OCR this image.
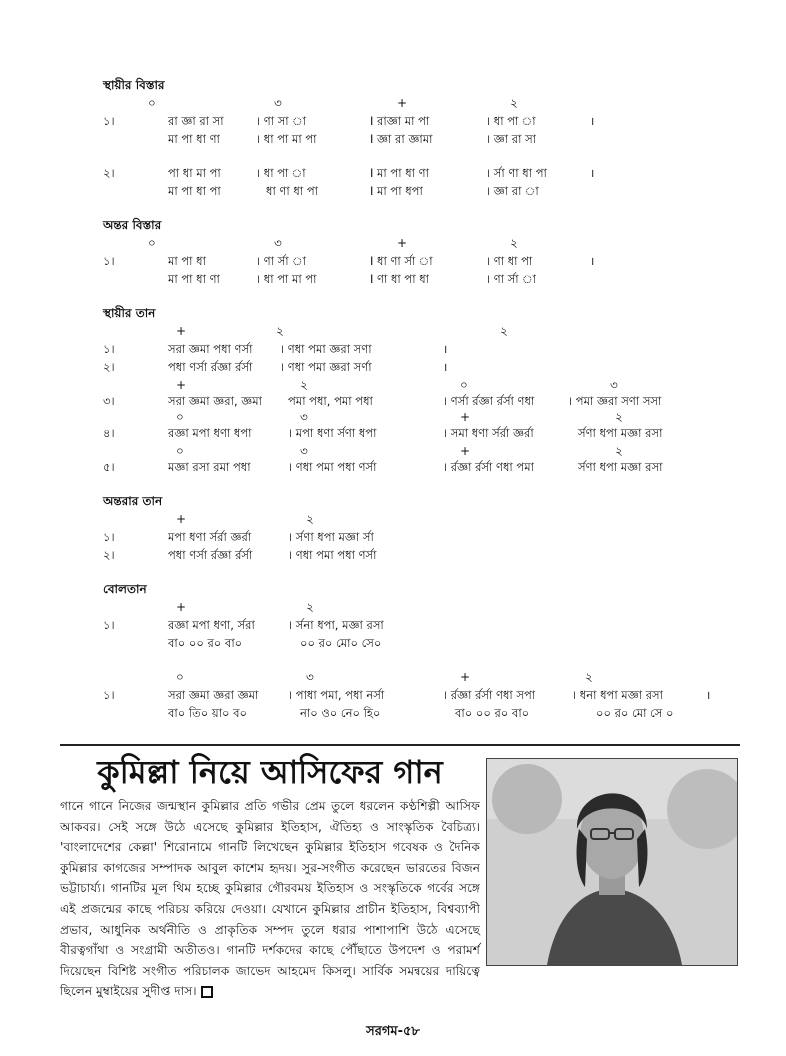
স্থায়ীর বিস্তার
০	৩	+	২
১।	রা জ্ঞা রা সা	। ণা সা া	I রাজ্ঞা মা পা	। ধা পা া	।
মা পা ধা ণা	। ধা পা মা পা	I জ্ঞা রা জ্ঞামা	। জ্ঞা রা সা
২।	পা ধা মা পা	। ধা পা া	I মা পা ধা ণা	। র্সা ণা ধা পা	।
মা পা ধা পা	ধা ণা ধা পা	I মা পা ধপা	। জ্ঞা রা া
অন্তর বিস্তার
০	৩	+	২
১।	মা পা ধা	। ণা র্সা া	I ধা ণা র্সা া	। ণা ধা পা	।
মা পা ধা ণা	। ধা পা মা পা	I ণা ধা পা ধা	। ণা র্সা া
স্থায়ীর তান
+	২	২
১।	সরা জ্ঞমা পধা ণর্সা । ণধা পমা জ্ঞরা সণা	।
২।	পধা ণর্সা র্রজ্ঞা র্রর্সা । ণধা পমা জ্ঞরা সর্ণা	।
+	২	০	৩
৩।	সরা জ্ঞমা জ্ঞরা, জ্ঞমা পমা পধা, পমা পধা	। ণর্সা র্রজ্ঞা র্রর্সা ণধা	। পমা জ্ঞরা সণা সসা
০	৩	+	২
৪।	রজ্ঞা মপা ধণা ধপা	। মপা ধণা র্সণা ধপা	। সমা ধণা র্সর্রা জ্ঞর্রা	র্সণা ধপা মজ্ঞা রসা
০	৩	+	২
৫।	মজ্ঞা রসা রমা পধা	। ণধা পমা পধা ণর্সা	। র্রজ্ঞা র্রর্সা ণধা পমা	র্সণা ধপা মজ্ঞা রসা
অন্তরার তান
+	২
১।	মপা ধণা র্সর্রা জ্ঞর্রা	। র্সণা ধপা মজ্ঞা র্সা
২।	পধা ণর্সা র্রজ্ঞা র্রর্সা	। ণধা পমা পধা ণর্সা
বোলতান
+	২
১।	রজ্ঞা মপা ধণা, র্সরা	। র্সনা ধপা, মজ্ঞা রসা
বা০ ০০ র০ বা০	০০ র০ মো০ সে০
০	৩	+	২
১।	সরা জ্ঞমা জ্ঞরা জ্ঞমা	। পাধা পমা, পধা নর্সা	। র্রজ্ঞা র্রর্সা ণধা সপা	। ধনা ধপা মজ্ঞা রসা	।
বা০ তি০ য়া০ ব০	না০ ও০ নে০ হি০	বা০ ০০ র০ বা০	০০ র০ মো সে ০
কুমিল্লা নিয়ে আসিফের গান
গানে গানে নিজের জন্মস্থান কুমিল্লার প্রতি গভীর প্রেম তুলে ধরলেন কণ্ঠশিল্পী আসিফ আকবর। সেই সঙ্গে উঠে এসেছে কুমিল্লার ইতিহাস, ঐতিহ্য ও সাংস্কৃতিক বৈচিত্র্য। 'বাংলাদেশের কেল্লা' শিরোনামে গানটি লিখেছেন কুমিল্লার ইতিহাস গবেষক ও দৈনিক কুমিল্লার কাগজের সম্পাদক আবুল কাশেম হৃদয়। সুর-সংগীত করেছেন ভারতের বিজন ভট্টাচার্য্য। গানটির মূল থিম হচ্ছে কুমিল্লার গৌরবময় ইতিহাস ও সংস্কৃতিকে গর্বের সঙ্গে এই প্রজন্মের কাছে পরিচয় করিয়ে দেওয়া। যেখানে কুমিল্লার প্রাচীন ইতিহাস, বিশ্বব্যাপী প্রভাব, আধুনিক অর্থনীতি ও প্রাকৃতিক সম্পদ তুলে ধরার পাশাপাশি উঠে এসেছে বীরত্বগাঁথা ও সংগ্রামী অতীতও। গানটি দর্শকদের কাছে পৌঁছাতে উপদেশ ও পরামর্শ দিয়েছেন বিশিষ্ট সংগীত পরিচালক জাভেদ আহমেদ কিসলু। সার্বিক সমন্বয়ের দায়িত্বে ছিলেন মুম্বাইয়ের সুদীপ্ত দাস।
সরগম-৫৮
